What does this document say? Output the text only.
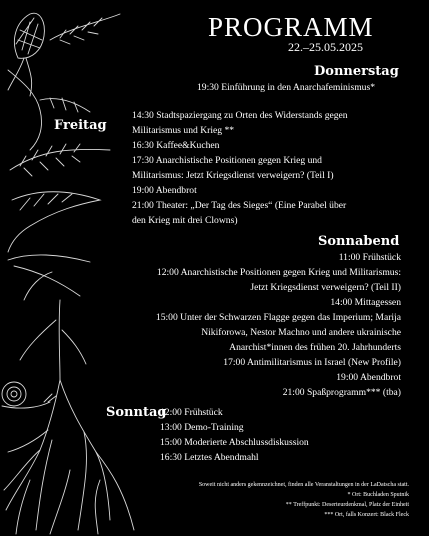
PROGRAMM
22.–25.05.2025
Donnerstag
19:30 Einführung in den Anarchafeminismus*
Freitag
14:30 Stadtspaziergang zu Orten des Widerstands gegen
Militarismus und Krieg **
16:30 Kaffee&Kuchen
17:30 Anarchistische Positionen gegen Krieg und
Militarismus: Jetzt Kriegsdienst verweigern? (Teil I)
19:00 Abendbrot
21:00 Theater: „Der Tag des Sieges“ (Eine Parabel über
den Krieg mit drei Clowns)
Sonnabend
11:00 Frühstück
12:00 Anarchistische Positionen gegen Krieg und Militarismus:
Jetzt Kriegsdienst verweigern? (Teil II)
14:00 Mittagessen
15:00 Unter der Schwarzen Flagge gegen das Imperium; Marija
Nikiforowa, Nestor Machno und andere ukrainische
Anarchist*innen des frühen 20. Jahrhunderts
17:00 Antimilitarismus in Israel (New Profile)
19:00 Abendbrot
21:00 Spaßprogramm*** (tba)
Sonntag
12:00 Frühstück
13:00 Demo-Training
15:00 Moderierte Abschlussdiskussion
16:30 Letztes Abendmahl
Soweit nicht anders gekennzeichnet, finden alle Veranstaltungen in der LaDatscha statt.
* Ort: Buchladen Sputnik
** Treffpunkt: Deserteurdenkmal, Platz der Einheit
*** Ort, falls Konzert: Black Fleck
